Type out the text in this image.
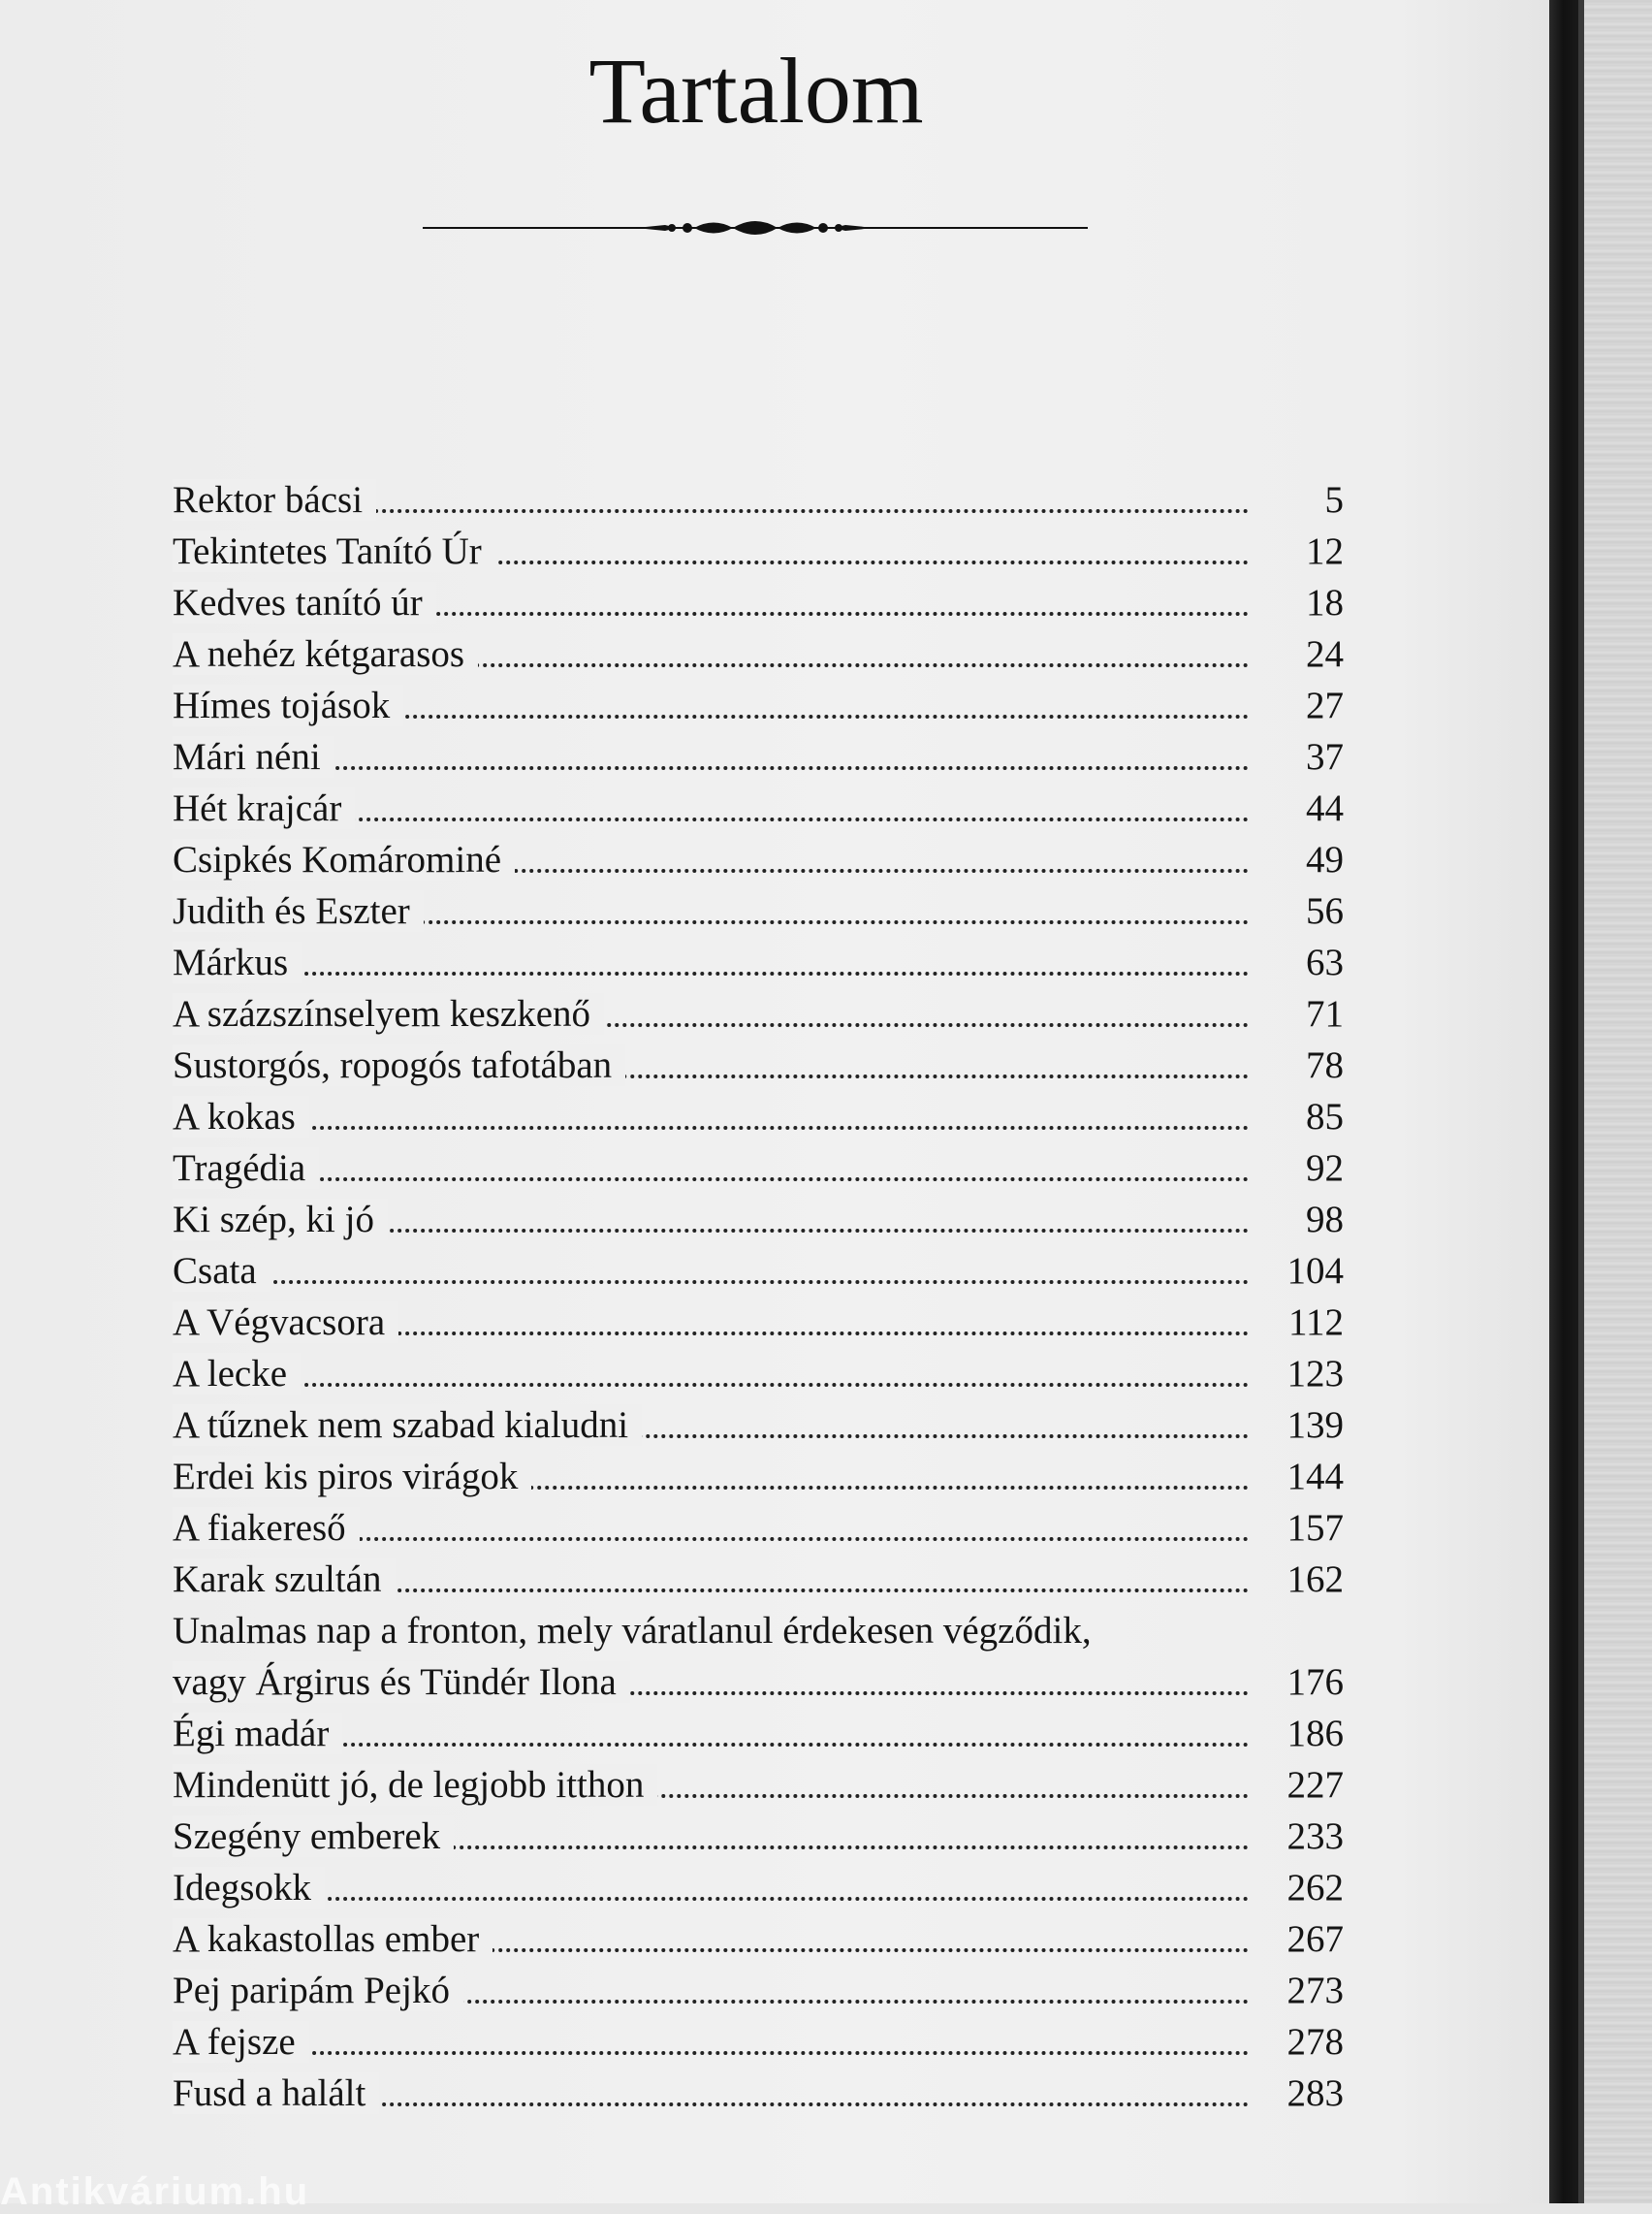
Tartalom
Rektor bácsi	5
Tekintetes Tanító Úr	12
Kedves tanító úr	18
A nehéz kétgarasos	24
Hímes tojások	27
Mári néni	37
Hét krajcár	44
Csipkés Komárominé	49
Judith és Eszter	56
Márkus	63
A százszínselyem keszkenő	71
Sustorgós, ropogós tafotában	78
A kokas	85
Tragédia	92
Ki szép, ki jó	98
Csata	104
A Végvacsora	112
A lecke	123
A tűznek nem szabad kialudni	139
Erdei kis piros virágok	144
A fiakereső	157
Karak szultán	162
Unalmas nap a fronton, mely váratlanul érdekesen végződik,
vagy Árgirus és Tündér Ilona	176
Égi madár	186
Mindenütt jó, de legjobb itthon	227
Szegény emberek	233
Idegsokk	262
A kakastollas ember	267
Pej paripám Pejkó	273
A fejsze	278
Fusd a halált	283
Antikvárium.hu
